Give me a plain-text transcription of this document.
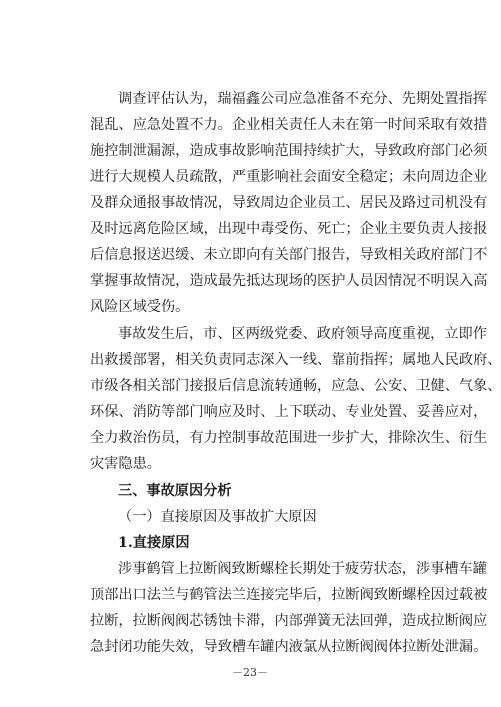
调查评估认为，瑞福鑫公司应急准备不充分、先期处置指挥
混乱、应急处置不力。企业相关责任人未在第一时间采取有效措
施控制泄漏源，造成事故影响范围持续扩大，导致政府部门必须
进行大规模人员疏散，严重影响社会面安全稳定；未向周边企业
及群众通报事故情况，导致周边企业员工、居民及路过司机没有
及时远离危险区域，出现中毒受伤、死亡；企业主要负责人接报
后信息报送迟缓、未立即向有关部门报告，导致相关政府部门不
掌握事故情况，造成最先抵达现场的医护人员因情况不明误入高
风险区域受伤。
事故发生后，市、区两级党委、政府领导高度重视，立即作
出救援部署，相关负责同志深入一线、靠前指挥；属地人民政府、
市级各相关部门接报后信息流转通畅，应急、公安、卫健、气象、
环保、消防等部门响应及时、上下联动、专业处置、妥善应对，
全力救治伤员，有力控制事故范围进一步扩大，排除次生、衍生
灾害隐患。
三、事故原因分析
（一）直接原因及事故扩大原因
－23－
1.直接原因
涉事鹤管上拉断阀致断螺栓长期处于疲劳状态，涉事槽车罐
顶部出口法兰与鹤管法兰连接完毕后，拉断阀致断螺栓因过载被
拉断，拉断阀阀芯锈蚀卡滞，内部弹簧无法回弹，造成拉断阀应
急封闭功能失效，导致槽车罐内液氯从拉断阀阀体拉断处泄漏。
